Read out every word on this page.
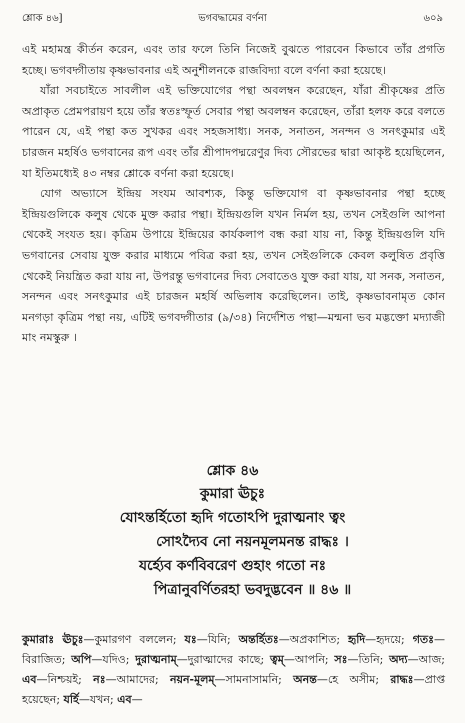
শ্লোক ৪৬]	ভগবদ্ধামের বর্ণনা	৬০৯

এই মহামন্ত্র কীর্তন করেন, এবং তার ফলে তিনি নিজেই বুঝতে পারবেন কিভাবে তাঁর প্রগতি হচ্ছে। ভগবদ্গীতায় কৃষ্ণভাবনার এই অনুশীলনকে রাজবিদ্যা বলে বর্ণনা করা হয়েছে।

যাঁরা সবচাইতে সাবলীল এই ভক্তিযোগের পন্থা অবলম্বন করেছেন, যাঁরা শ্রীকৃষ্ণের প্রতি অপ্রাকৃত প্রেমপরায়ণ হয়ে তাঁর স্বতঃস্ফূর্ত সেবার পন্থা অবলম্বন করেছেন, তাঁরা হলফ করে বলতে পারেন যে, এই পন্থা কত সুখকর এবং সহজসাধ্য। সনক, সনাতন, সনন্দন ও সনৎকুমার এই চারজন মহর্ষিও ভগবানের রূপ এবং তাঁর শ্রীপাদপদ্মরেণুর দিব্য সৌরভের দ্বারা আকৃষ্ট হয়েছিলেন, যা ইতিমধ্যেই ৪৩ নম্বর শ্লোকে বর্ণনা করা হয়েছে।

যোগ অভ্যাসে ইন্দ্রিয় সংযম আবশ্যক, কিন্তু ভক্তিযোগ বা কৃষ্ণভাবনার পন্থা হচ্ছে ইন্দ্রিয়গুলিকে কলুষ থেকে মুক্ত করার পন্থা। ইন্দ্রিয়গুলি যখন নির্মল হয়, তখন সেইগুলি আপনা থেকেই সংযত হয়। কৃত্রিম উপায়ে ইন্দ্রিয়ের কার্যকলাপ বন্ধ করা যায় না, কিন্তু ইন্দ্রিয়গুলি যদি ভগবানের সেবায় যুক্ত করার মাধ্যমে পবিত্র করা হয়, তখন সেইগুলিকে কেবল কলুষিত প্রবৃত্তি থেকেই নিয়ন্ত্রিত করা যায় না, উপরন্তু ভগবানের দিব্য সেবাতেও যুক্ত করা যায়, যা সনক, সনাতন, সনন্দন এবং সনৎকুমার এই চারজন মহর্ষি অভিলাষ করেছিলেন। তাই, কৃষ্ণভাবনামৃত কোন মনগড়া কৃত্রিম পন্থা নয়, এটিই ভগবদ্গীতার (৯/৩৪) নির্দেশিত পন্থা—মন্মনা ভব মদ্ভক্তো মদ্যাজী মাং নমস্কুরু ।

শ্লোক ৪৬
কুমারা ঊচুঃ
যোঽন্তর্হিতো হৃদি গতোঽপি দুরাত্মনাং ত্বং
সোঽদ্যৈব নো নয়নমূলমনন্ত রাদ্ধঃ ।
যর্হ্যেব কর্ণবিবরেণ গুহাং গতো নঃ
পিত্রানুবর্ণিতরহা ভবদুদ্ভবেন ॥ ৪৬ ॥
কুমারাঃ ঊচুঃ—কুমারগণ বললেন; যঃ—যিনি; অন্তর্হিতঃ—অপ্রকাশিত; হৃদি—হৃদয়ে; গতঃ—বিরাজিত; অপি—যদিও; দুরাত্মনাম্—দুরাত্মাদের কাছে; ত্বম্—আপনি; সঃ—তিনি; অদ্য—আজ; এব—নিশ্চয়ই; নঃ—আমাদের; নয়ন-মূলম্—সামনাসামনি; অনন্ত—হে অসীম; রাদ্ধঃ—প্রাপ্ত হয়েছেন; যর্হি—যখন; এব—
